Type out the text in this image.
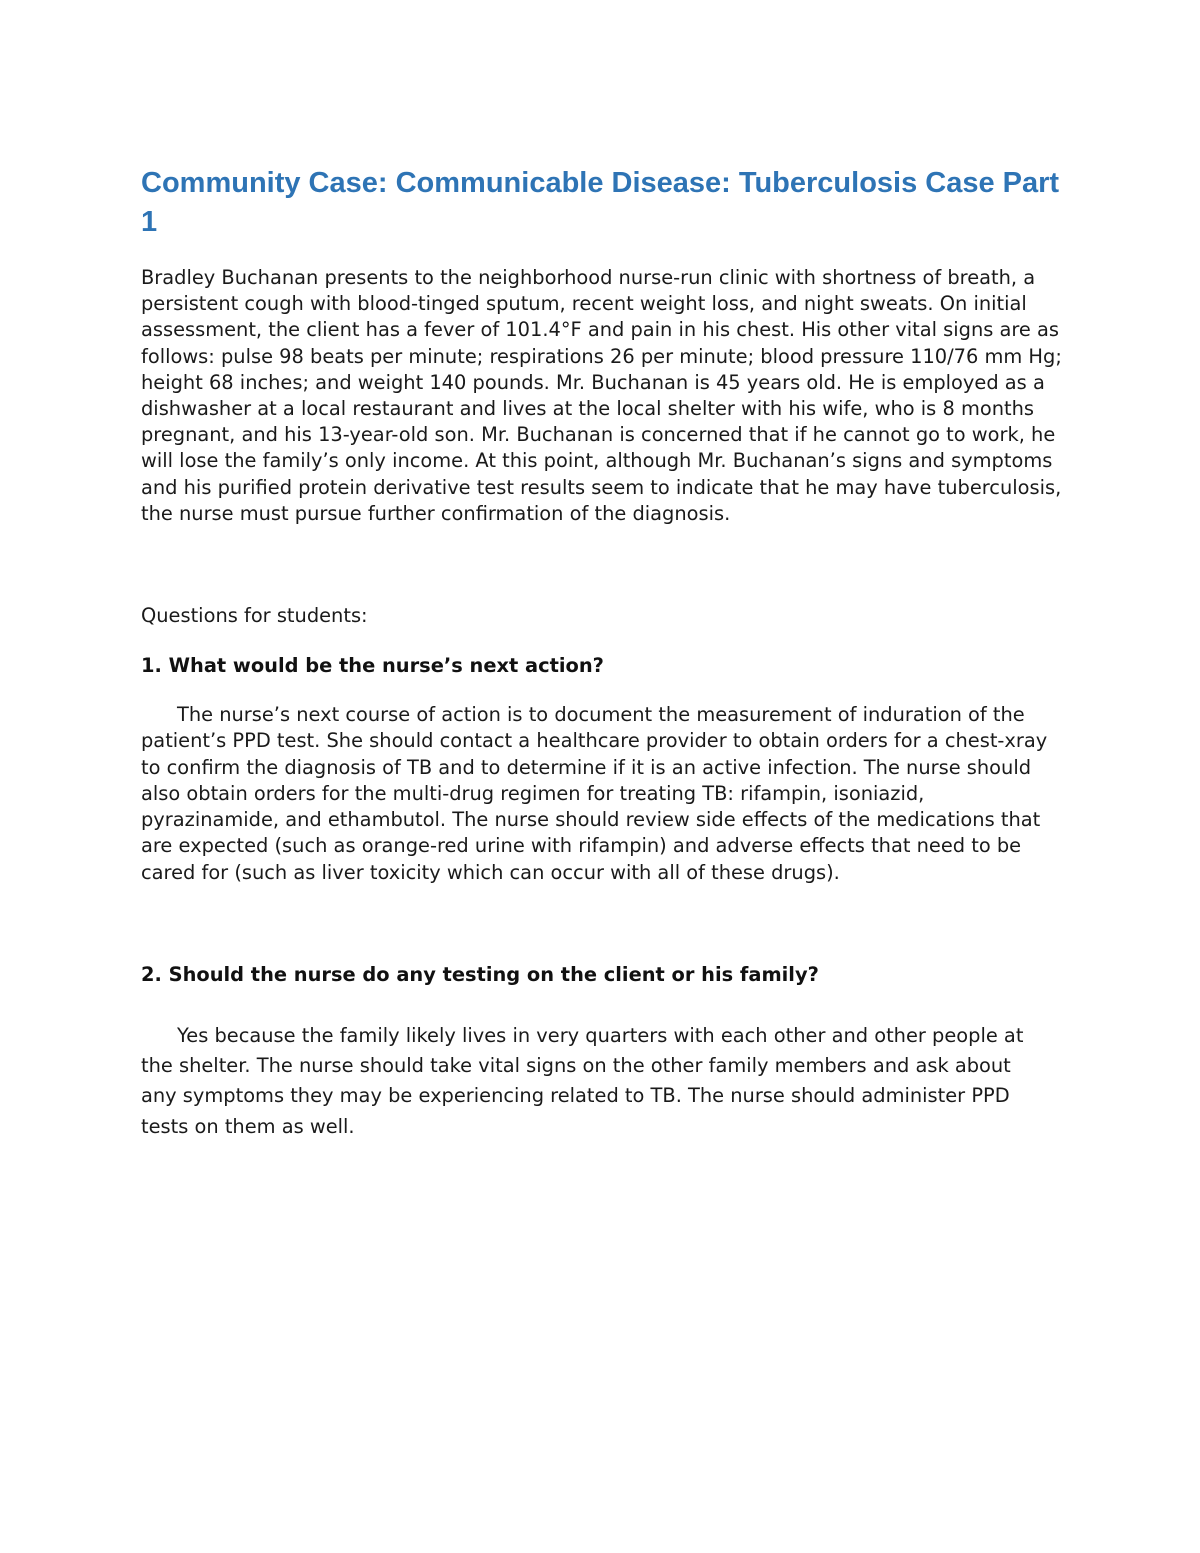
Community Case: Communicable Disease: Tuberculosis Case Part 1

Bradley Buchanan presents to the neighborhood nurse-run clinic with shortness of breath, a persistent cough with blood-tinged sputum, recent weight loss, and night sweats. On initial assessment, the client has a fever of 101.4°F and pain in his chest. His other vital signs are as follows: pulse 98 beats per minute; respirations 26 per minute; blood pressure 110/76 mm Hg; height 68 inches; and weight 140 pounds. Mr. Buchanan is 45 years old. He is employed as a dishwasher at a local restaurant and lives at the local shelter with his wife, who is 8 months pregnant, and his 13-year-old son. Mr. Buchanan is concerned that if he cannot go to work, he will lose the family’s only income. At this point, although Mr. Buchanan’s signs and symptoms and his purified protein derivative test results seem to indicate that he may have tuberculosis, the nurse must pursue further confirmation of the diagnosis.

Questions for students:

1. What would be the nurse’s next action?

The nurse’s next course of action is to document the measurement of induration of the patient’s PPD test. She should contact a healthcare provider to obtain orders for a chest-xray to confirm the diagnosis of TB and to determine if it is an active infection. The nurse should also obtain orders for the multi-drug regimen for treating TB: rifampin, isoniazid, pyrazinamide, and ethambutol. The nurse should review side effects of the medications that are expected (such as orange-red urine with rifampin) and adverse effects that need to be cared for (such as liver toxicity which can occur with all of these drugs).

2. Should the nurse do any testing on the client or his family?

Yes because the family likely lives in very quarters with each other and other people at the shelter. The nurse should take vital signs on the other family members and ask about any symptoms they may be experiencing related to TB. The nurse should administer PPD tests on them as well.
